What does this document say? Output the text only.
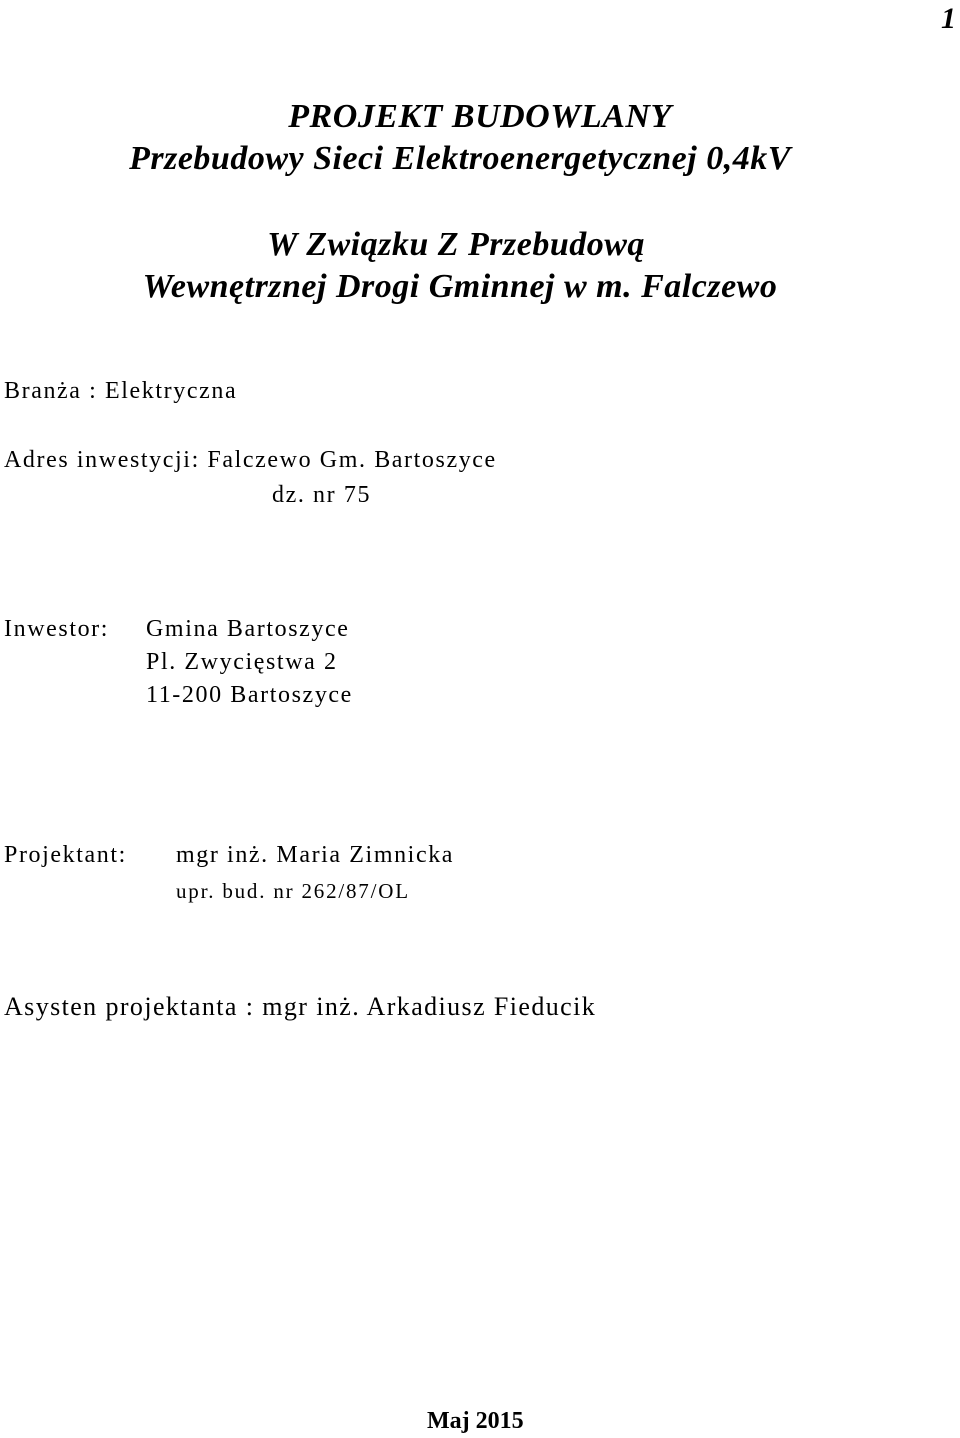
1
PROJEKT BUDOWLANY
Przebudowy Sieci Elektroenergetycznej 0,4kV
W Związku Z Przebudową
Wewnętrznej Drogi Gminnej w m. Falczewo
Branża : Elektryczna
Adres inwestycji: Falczewo Gm. Bartoszyce
dz. nr 75
Inwestor: Gmina Bartoszyce
Pl. Zwycięstwa 2
11-200 Bartoszyce
Projektant: mgr inż. Maria Zimnicka
upr. bud. nr 262/87/OL
Asysten projektanta : mgr inż. Arkadiusz Fieducik
Maj 2015
